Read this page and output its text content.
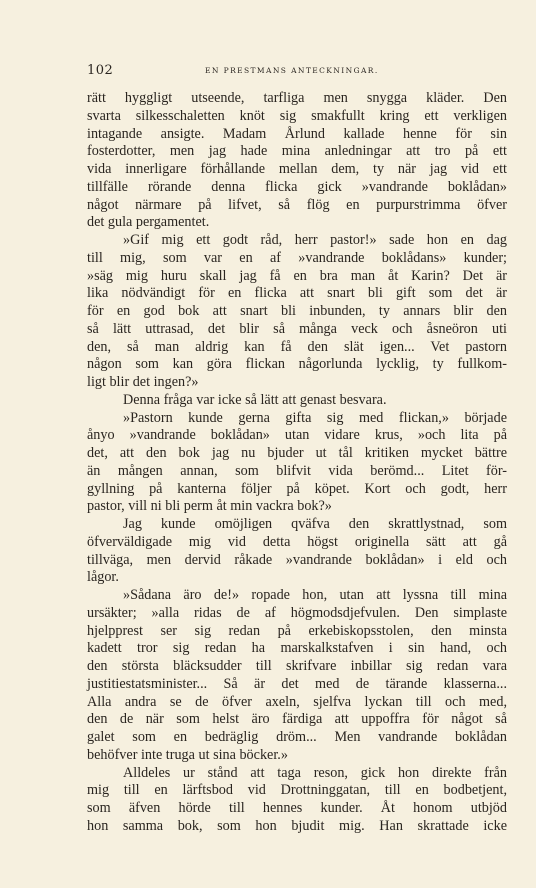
102	EN PRESTMANS ANTECKNINGAR.
rätt hyggligt utseende, tarfliga men snygga kläder. Den
svarta silkesschaletten knöt sig smakfullt kring ett verkligen
intagande ansigte. Madam Årlund kallade henne för sin
fosterdotter, men jag hade mina anledningar att tro på ett
vida innerligare förhållande mellan dem, ty när jag vid ett
tillfälle rörande denna flicka gick »vandrande boklådan»
något närmare på lifvet, så flög en purpurstrimma öfver
det gula pergamentet.
»Gif mig ett godt råd, herr pastor!» sade hon en dag
till mig, som var en af »vandrande boklådans» kunder;
»säg mig huru skall jag få en bra man åt Karin? Det är
lika nödvändigt för en flicka att snart bli gift som det är
för en god bok att snart bli inbunden, ty annars blir den
så lätt uttrasad, det blir så många veck och åsneöron uti
den, så man aldrig kan få den slät igen... Vet pastorn
någon som kan göra flickan någorlunda lycklig, ty fullkom-
ligt blir det ingen?»
Denna fråga var icke så lätt att genast besvara.
»Pastorn kunde gerna gifta sig med flickan,» började
ånyo »vandrande boklådan» utan vidare krus, »och lita på
det, att den bok jag nu bjuder ut tål kritiken mycket bättre
än mången annan, som blifvit vida berömd... Litet för-
gyllning på kanterna följer på köpet. Kort och godt, herr
pastor, vill ni bli perm åt min vackra bok?»
Jag kunde omöjligen qväfva den skrattlystnad, som
öfverväldigade mig vid detta högst originella sätt att gå
tillväga, men dervid råkade »vandrande boklådan» i eld och
lågor.
»Sådana äro de!» ropade hon, utan att lyssna till mina
ursäkter; »alla ridas de af högmodsdjefvulen. Den simplaste
hjelpprest ser sig redan på erkebiskopsstolen, den minsta
kadett tror sig redan ha marskalkstafven i sin hand, och
den största bläcksudder till skrifvare inbillar sig redan vara
justitiestatsminister... Så är det med de tärande klasserna...
Alla andra se de öfver axeln, sjelfva lyckan till och med,
den de när som helst äro färdiga att uppoffra för något så
galet som en bedräglig dröm... Men vandrande boklådan
behöfver inte truga ut sina böcker.»
Alldeles ur stånd att taga reson, gick hon direkte från
mig till en lärftsbod vid Drottninggatan, till en bodbetjent,
som äfven hörde till hennes kunder. Åt honom utbjöd
hon samma bok, som hon bjudit mig. Han skrattade icke
